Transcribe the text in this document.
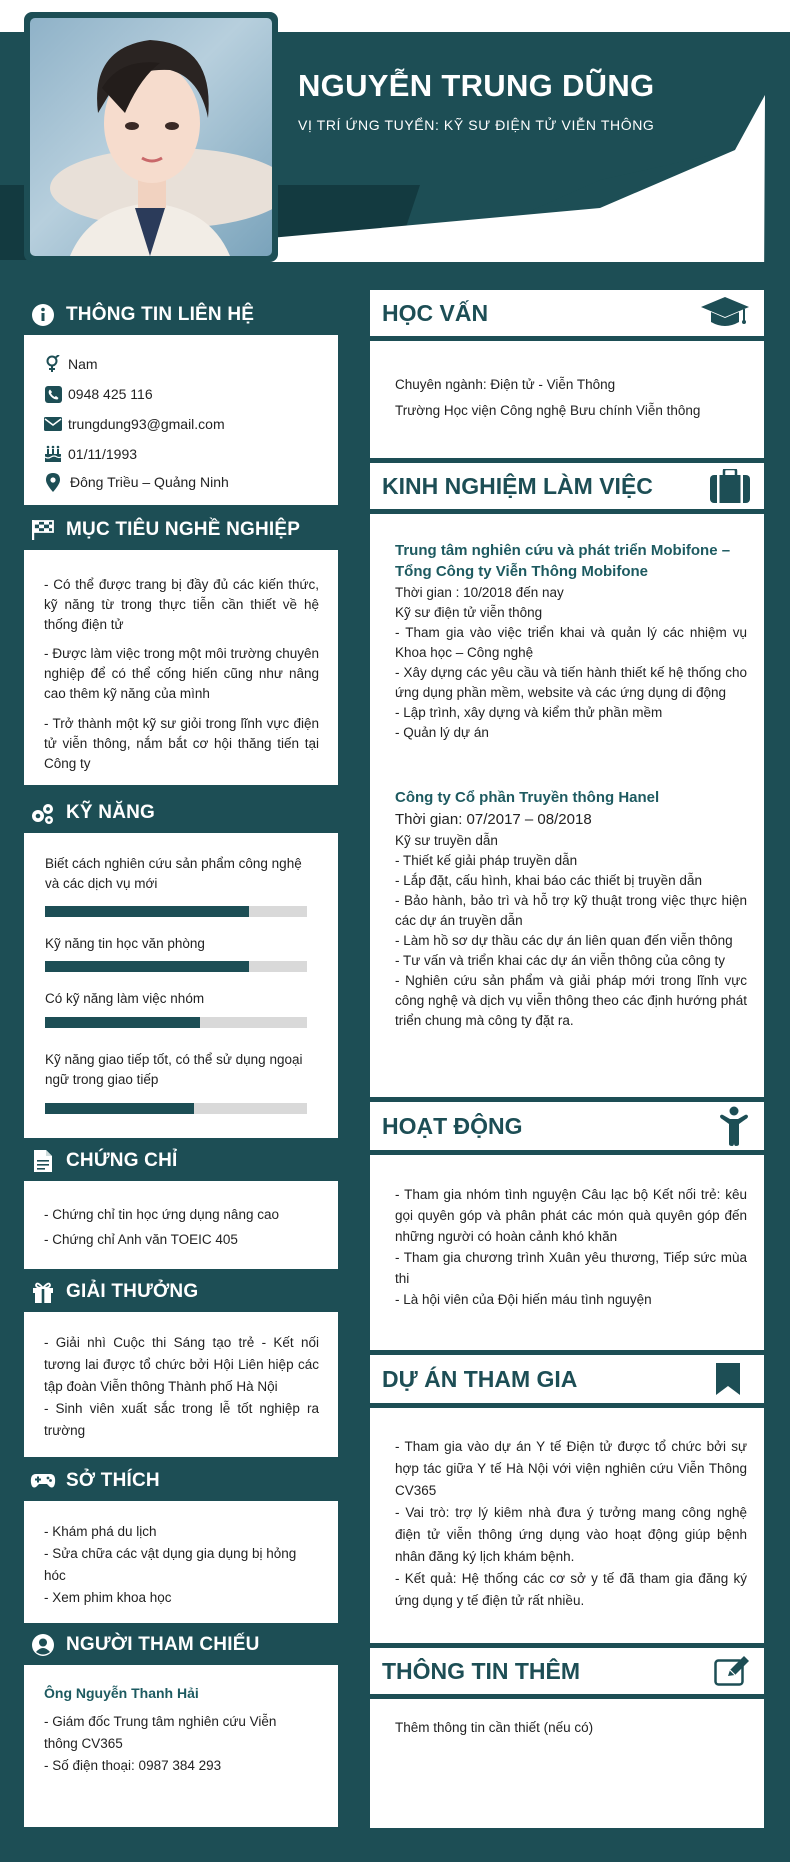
NGUYỄN TRUNG DŨNG
VỊ TRÍ ỨNG TUYỂN: KỸ SƯ ĐIỆN TỬ VIỄN THÔNG
THÔNG TIN LIÊN HỆ
Nam
0948 425 116
trungdung93@gmail.com
01/11/1993
Đông Triều – Quảng Ninh
MỤC TIÊU NGHỀ NGHIỆP
- Có thể được trang bị đầy đủ các kiến thức, kỹ năng từ trong thực tiễn cần thiết về hệ thống điện tử
- Được làm việc trong một môi trường chuyên nghiệp để có thể cống hiến cũng như nâng cao thêm kỹ năng của mình
- Trở thành một kỹ sư giỏi trong lĩnh vực điện tử viễn thông, nắm bắt cơ hội thăng tiến tại Công ty
KỸ NĂNG
Biết cách nghiên cứu sản phẩm công nghệ và các dịch vụ mới
Kỹ năng tin học văn phòng
Có kỹ năng làm việc nhóm
Kỹ năng giao tiếp tốt, có thể sử dụng ngoại ngữ trong giao tiếp
CHỨNG CHỈ
- Chứng chỉ tin học ứng dụng nâng cao
- Chứng chỉ Anh văn TOEIC 405
GIẢI THƯỞNG
- Giải nhì Cuộc thi Sáng tạo trẻ - Kết nối tương lai được tổ chức bởi Hội Liên hiệp các tập đoàn Viễn thông Thành phố Hà Nội
- Sinh viên xuất sắc trong lễ tốt nghiệp ra trường
SỞ THÍCH
- Khám phá du lịch
- Sửa chữa các vật dụng gia dụng bị hỏng hóc
- Xem phim khoa học
NGƯỜI THAM CHIẾU
Ông Nguyễn Thanh Hải
- Giám đốc Trung tâm nghiên cứu Viễn thông CV365
- Số điện thoại: 0987 384 293
HỌC VẤN
Chuyên ngành: Điện tử - Viễn Thông
Trường Học viện Công nghệ Bưu chính Viễn thông
KINH NGHIỆM LÀM VIỆC
Trung tâm nghiên cứu và phát triển Mobifone – Tổng Công ty Viễn Thông Mobifone
Thời gian : 10/2018 đến nay
Kỹ sư điện tử viễn thông
- Tham gia vào việc triển khai và quản lý các nhiệm vụ Khoa học – Công nghệ
- Xây dựng các yêu cầu và tiến hành thiết kế hệ thống cho ứng dụng phần mềm, website và các ứng dụng di động
- Lập trình, xây dựng và kiểm thử phần mềm
- Quản lý dự án
Công ty Cổ phần Truyền thông Hanel
Thời gian: 07/2017 – 08/2018
Kỹ sư truyền dẫn
- Thiết kế giải pháp truyền dẫn
- Lắp đặt, cấu hình, khai báo các thiết bị truyền dẫn
- Bảo hành, bảo trì và hỗ trợ kỹ thuật trong việc thực hiện các dự án truyền dẫn
- Làm hồ sơ dự thầu các dự án liên quan đến viễn thông
- Tư vấn và triển khai các dự án viễn thông của công ty
- Nghiên cứu sản phẩm và giải pháp mới trong lĩnh vực công nghệ và dịch vụ viễn thông theo các định hướng phát triển chung mà công ty đặt ra.
HOẠT ĐỘNG
- Tham gia nhóm tình nguyện Câu lạc bộ Kết nối trẻ: kêu gọi quyên góp và phân phát các món quà quyên góp đến những người có hoàn cảnh khó khăn
- Tham gia chương trình Xuân yêu thương, Tiếp sức mùa thi
- Là hội viên của Đội hiến máu tình nguyện
DỰ ÁN THAM GIA
- Tham gia vào dự án Y tế Điện tử được tổ chức bởi sự hợp tác giữa Y tế Hà Nội với viện nghiên cứu Viễn Thông CV365
- Vai trò: trợ lý kiêm nhà đưa ý tưởng mang công nghệ điện tử viễn thông ứng dụng vào hoạt động giúp bệnh nhân đăng ký lịch khám bệnh.
- Kết quả: Hệ thống các cơ sở y tế đã tham gia đăng ký ứng dụng y tế điện tử rất nhiều.
THÔNG TIN THÊM
Thêm thông tin cần thiết (nếu có)
